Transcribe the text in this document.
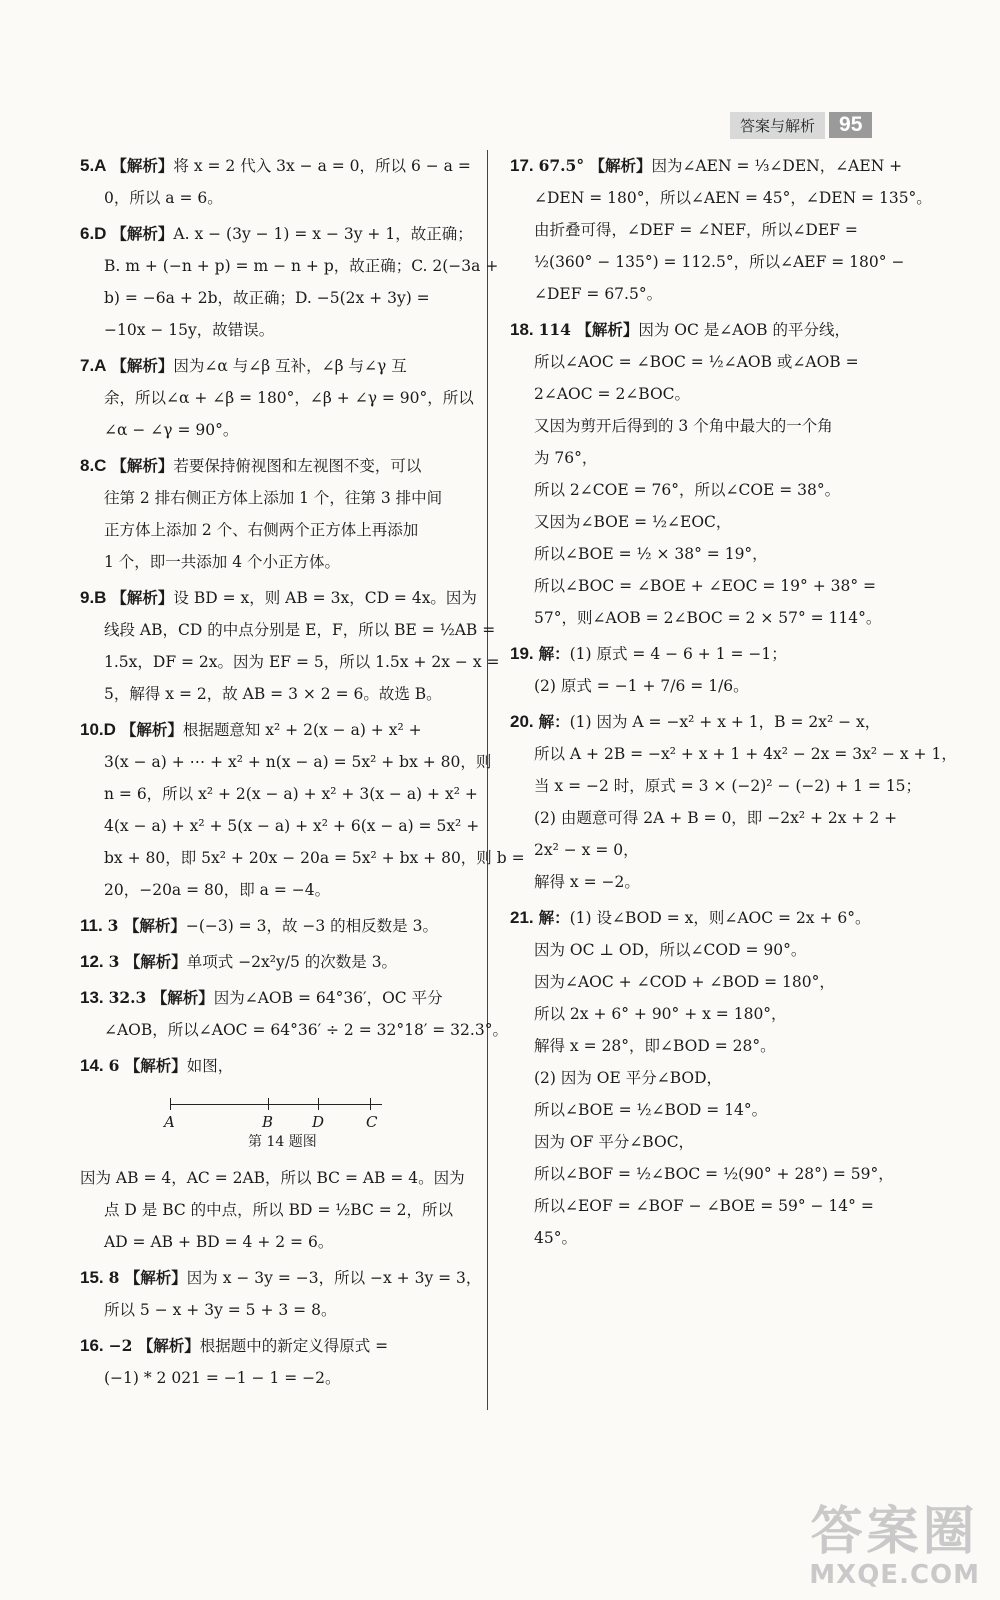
答案与解析	95
5.A 【解析】将 x = 2 代入 3x − a = 0，所以 6 − a =
0，所以 a = 6。
6.D 【解析】A. x − (3y − 1) = x − 3y + 1，故正确；
B. m + (−n + p) = m − n + p，故正确；C. 2(−3a +
b) = −6a + 2b，故正确；D. −5(2x + 3y) =
−10x − 15y，故错误。
7.A 【解析】因为∠α 与∠β 互补，∠β 与∠γ 互
余，所以∠α + ∠β = 180°，∠β + ∠γ = 90°，所以
∠α − ∠γ = 90°。
8.C 【解析】若要保持俯视图和左视图不变，可以
往第 2 排右侧正方体上添加 1 个，往第 3 排中间
正方体上添加 2 个、右侧两个正方体上再添加
1 个，即一共添加 4 个小正方体。
9.B 【解析】设 BD = x，则 AB = 3x，CD = 4x。因为
线段 AB，CD 的中点分别是 E，F，所以 BE = ½AB =
1.5x，DF = 2x。因为 EF = 5，所以 1.5x + 2x − x =
5，解得 x = 2，故 AB = 3 × 2 = 6。故选 B。
10.D 【解析】根据题意知 x² + 2(x − a) + x² +
3(x − a) + ⋯ + x² + n(x − a) = 5x² + bx + 80，则
n = 6，所以 x² + 2(x − a) + x² + 3(x − a) + x² +
4(x − a) + x² + 5(x − a) + x² + 6(x − a) = 5x² +
bx + 80，即 5x² + 20x − 20a = 5x² + bx + 80，则 b =
20，−20a = 80，即 a = −4。
11. 3 【解析】−(−3) = 3，故 −3 的相反数是 3。
12. 3 【解析】单项式 −2x²y/5 的次数是 3。
13. 32.3 【解析】因为∠AOB = 64°36′，OC 平分
∠AOB，所以∠AOC = 64°36′ ÷ 2 = 32°18′ = 32.3°。
14. 6 【解析】如图，
A	B	D	C
第 14 题图
因为 AB = 4，AC = 2AB，所以 BC = AB = 4。因为
点 D 是 BC 的中点，所以 BD = ½BC = 2，所以
AD = AB + BD = 4 + 2 = 6。
15. 8 【解析】因为 x − 3y = −3，所以 −x + 3y = 3，
所以 5 − x + 3y = 5 + 3 = 8。
16. −2 【解析】根据题中的新定义得原式 =
(−1) * 2 021 = −1 − 1 = −2。
17. 67.5° 【解析】因为∠AEN = ⅓∠DEN，∠AEN +
∠DEN = 180°，所以∠AEN = 45°，∠DEN = 135°。
由折叠可得，∠DEF = ∠NEF，所以∠DEF =
½(360° − 135°) = 112.5°，所以∠AEF = 180° −
∠DEF = 67.5°。
18. 114 【解析】因为 OC 是∠AOB 的平分线，
所以∠AOC = ∠BOC = ½∠AOB 或∠AOB =
2∠AOC = 2∠BOC。
又因为剪开后得到的 3 个角中最大的一个角
为 76°，
所以 2∠COE = 76°，所以∠COE = 38°。
又因为∠BOE = ½∠EOC，
所以∠BOE = ½ × 38° = 19°，
所以∠BOC = ∠BOE + ∠EOC = 19° + 38° =
57°，则∠AOB = 2∠BOC = 2 × 57° = 114°。
19. 解：(1) 原式 = 4 − 6 + 1 = −1；
(2) 原式 = −1 + 7/6 = 1/6。
20. 解：(1) 因为 A = −x² + x + 1，B = 2x² − x，
所以 A + 2B = −x² + x + 1 + 4x² − 2x = 3x² − x + 1，
当 x = −2 时，原式 = 3 × (−2)² − (−2) + 1 = 15；
(2) 由题意可得 2A + B = 0，即 −2x² + 2x + 2 +
2x² − x = 0，
解得 x = −2。
21. 解：(1) 设∠BOD = x，则∠AOC = 2x + 6°。
因为 OC ⊥ OD，所以∠COD = 90°。
因为∠AOC + ∠COD + ∠BOD = 180°，
所以 2x + 6° + 90° + x = 180°，
解得 x = 28°，即∠BOD = 28°。
(2) 因为 OE 平分∠BOD，
所以∠BOE = ½∠BOD = 14°。
因为 OF 平分∠BOC，
所以∠BOF = ½∠BOC = ½(90° + 28°) = 59°，
所以∠EOF = ∠BOF − ∠BOE = 59° − 14° =
45°。
答案圈
MXQE.COM
